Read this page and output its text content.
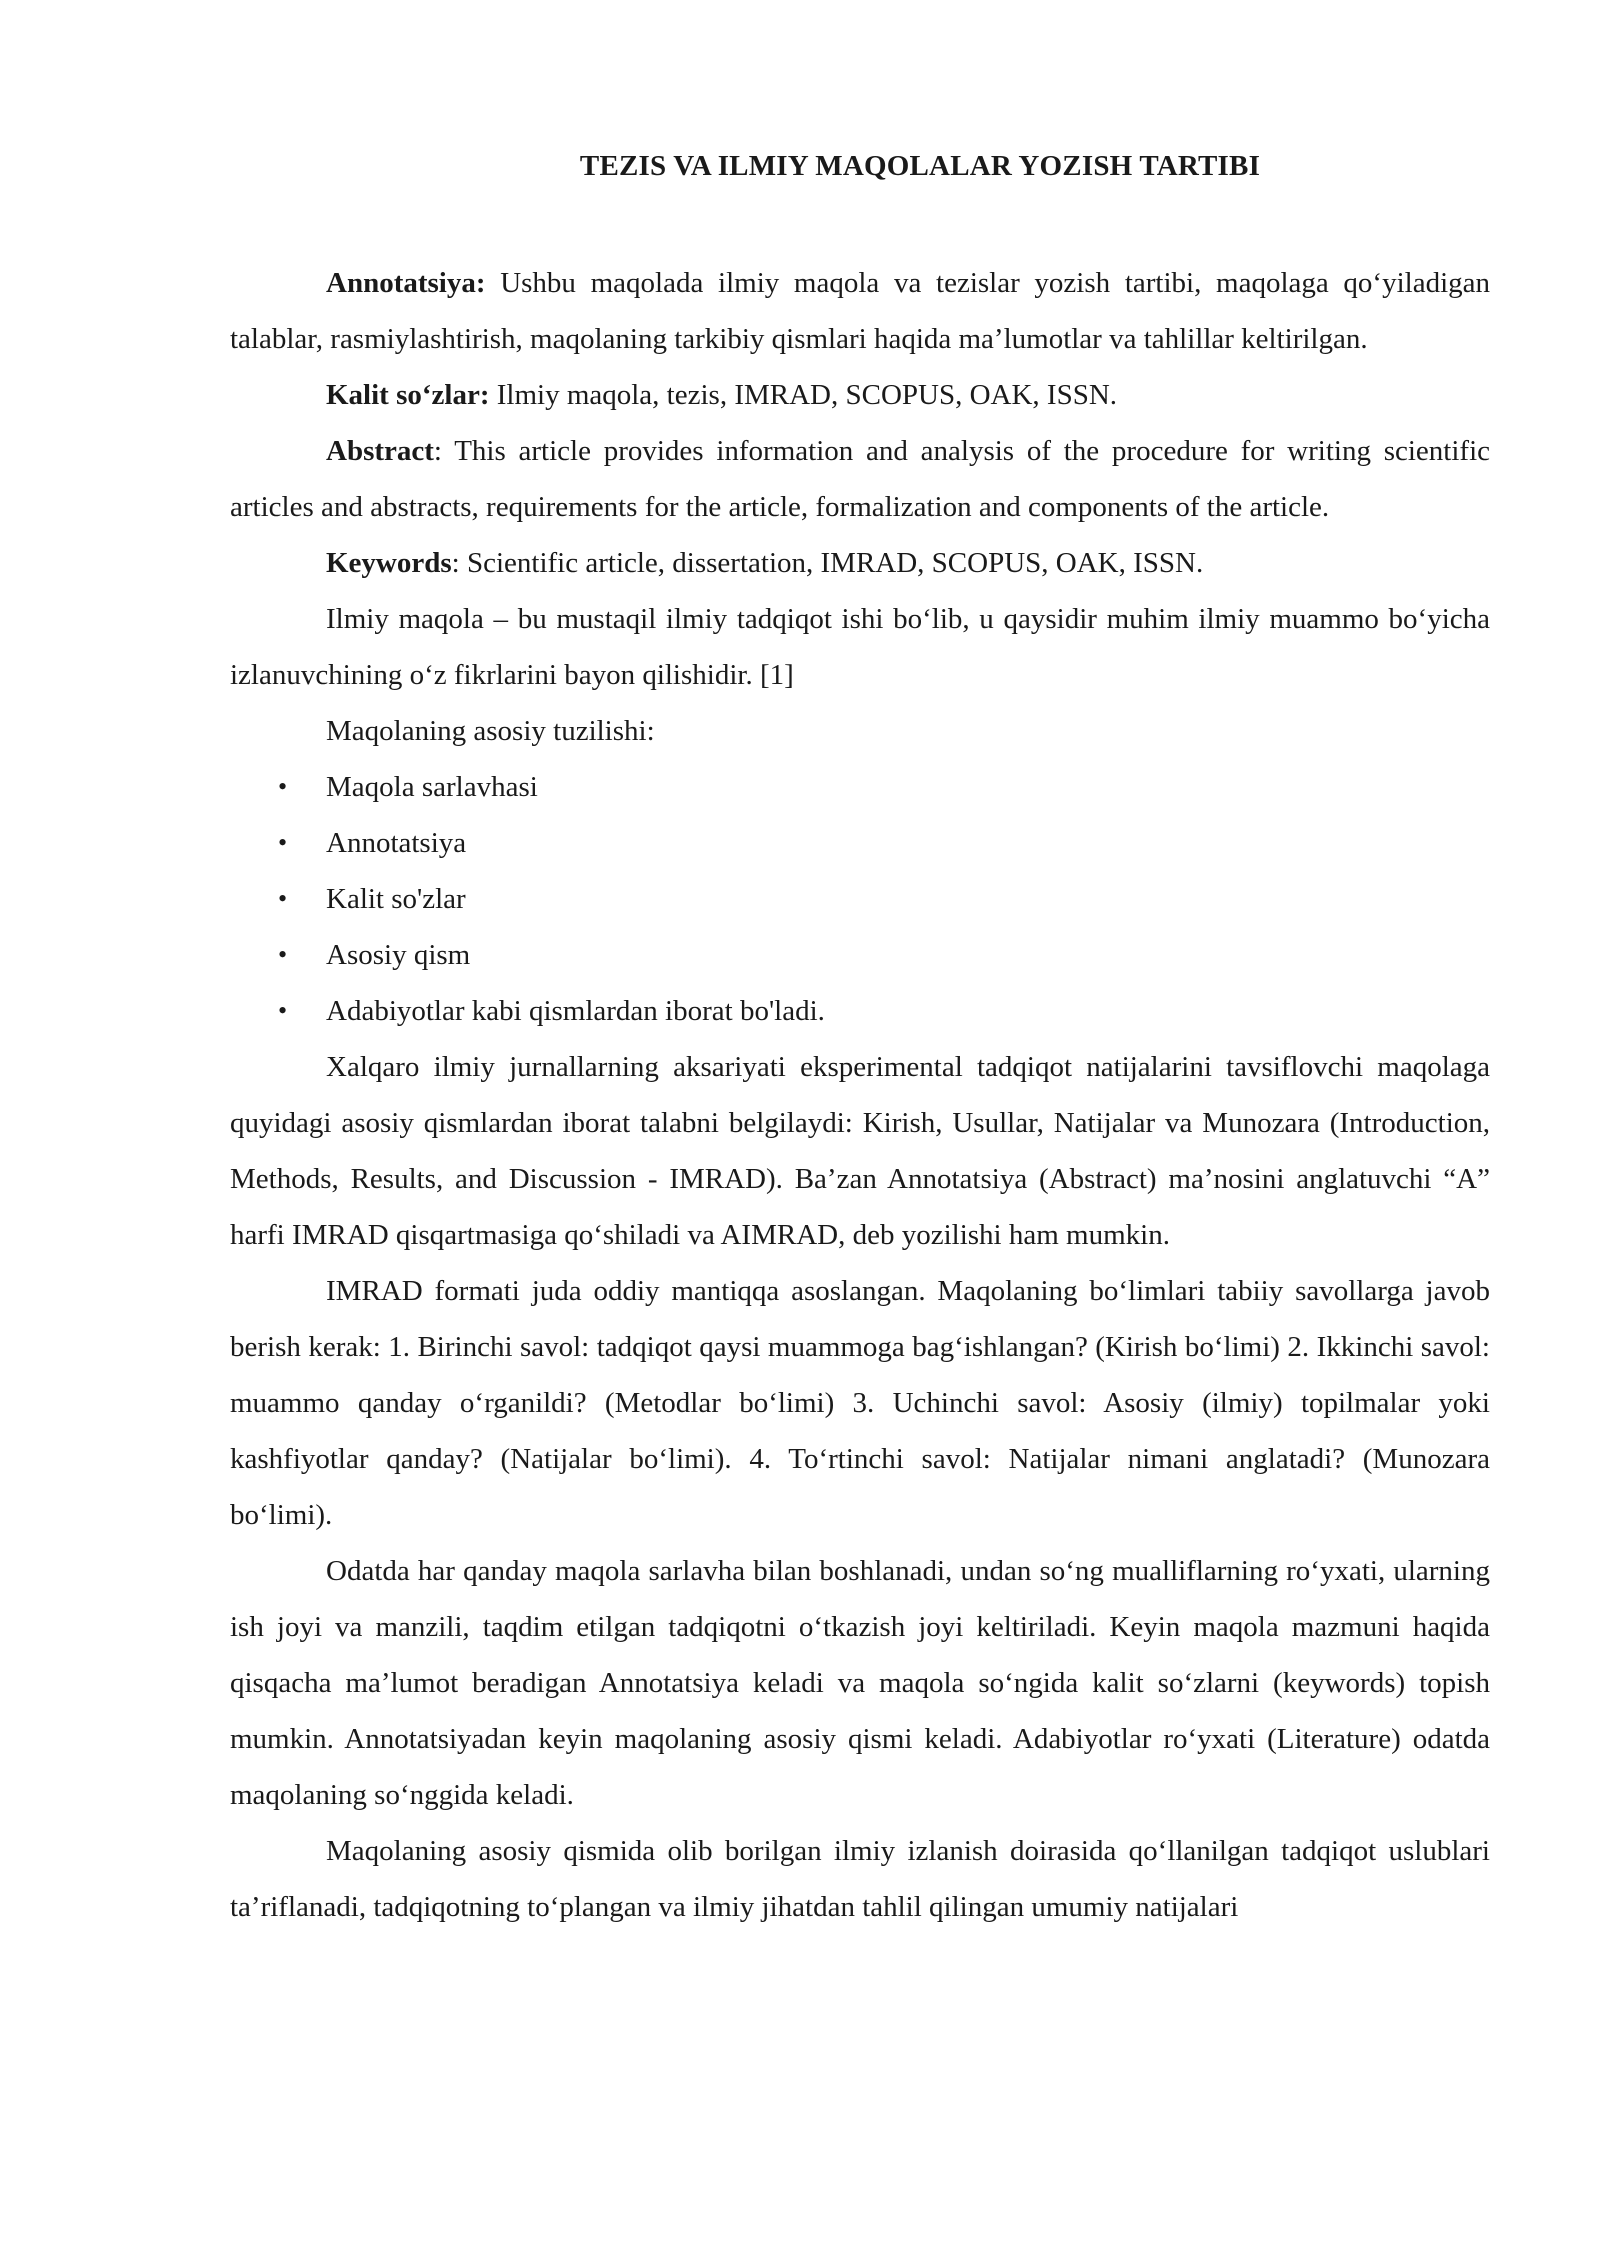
TEZIS VA ILMIY MAQOLALAR YOZISH TARTIBI

Annotatsiya: Ushbu maqolada ilmiy maqola va tezislar yozish tartibi, maqolaga qo‘yiladigan talablar, rasmiylashtirish, maqolaning tarkibiy qismlari haqida ma’lumotlar va tahlillar keltirilgan.

Kalit so‘zlar: Ilmiy maqola, tezis, IMRAD, SCOPUS, OAK, ISSN.

Abstract: This article provides information and analysis of the procedure for writing scientific articles and abstracts, requirements for the article, formalization and components of the article.

Keywords: Scientific article, dissertation, IMRAD, SCOPUS, OAK, ISSN.

Ilmiy maqola – bu mustaqil ilmiy tadqiqot ishi bo‘lib, u qaysidir muhim ilmiy muammo bo‘yicha izlanuvchining o‘z fikrlarini bayon qilishidir. [1]

Maqolaning asosiy tuzilishi:

• Maqola sarlavhasi
• Annotatsiya
• Kalit so'zlar
• Asosiy qism
• Adabiyotlar kabi qismlardan iborat bo'ladi.

Xalqaro ilmiy jurnallarning aksariyati eksperimental tadqiqot natijalarini tavsiflovchi maqolaga quyidagi asosiy qismlardan iborat talabni belgilaydi: Kirish, Usullar, Natijalar va Munozara (Introduction, Methods, Results, and Discussion - IMRAD). Ba’zan Annotatsiya (Abstract) ma’nosini anglatuvchi “A” harfi IMRAD qisqartmasiga qo‘shiladi va AIMRAD, deb yozilishi ham mumkin.

IMRAD formati juda oddiy mantiqqa asoslangan. Maqolaning bo‘limlari tabiiy savollarga javob berish kerak: 1. Birinchi savol: tadqiqot qaysi muammoga bag‘ishlangan? (Kirish bo‘limi) 2. Ikkinchi savol: muammo qanday o‘rganildi? (Metodlar bo‘limi) 3. Uchinchi savol: Asosiy (ilmiy) topilmalar yoki kashfiyotlar qanday? (Natijalar bo‘limi). 4. To‘rtinchi savol: Natijalar nimani anglatadi? (Munozara bo‘limi).

Odatda har qanday maqola sarlavha bilan boshlanadi, undan so‘ng mualliflarning ro‘yxati, ularning ish joyi va manzili, taqdim etilgan tadqiqotni o‘tkazish joyi keltiriladi. Keyin maqola mazmuni haqida qisqacha ma’lumot beradigan Annotatsiya keladi va maqola so‘ngida kalit so‘zlarni (keywords) topish mumkin. Annotatsiyadan keyin maqolaning asosiy qismi keladi. Adabiyotlar ro‘yxati (Literature) odatda maqolaning so‘nggida keladi.

Maqolaning asosiy qismida olib borilgan ilmiy izlanish doirasida qo‘llanilgan tadqiqot uslublari ta’riflanadi, tadqiqotning to‘plangan va ilmiy jihatdan tahlil qilingan umumiy natijalari
